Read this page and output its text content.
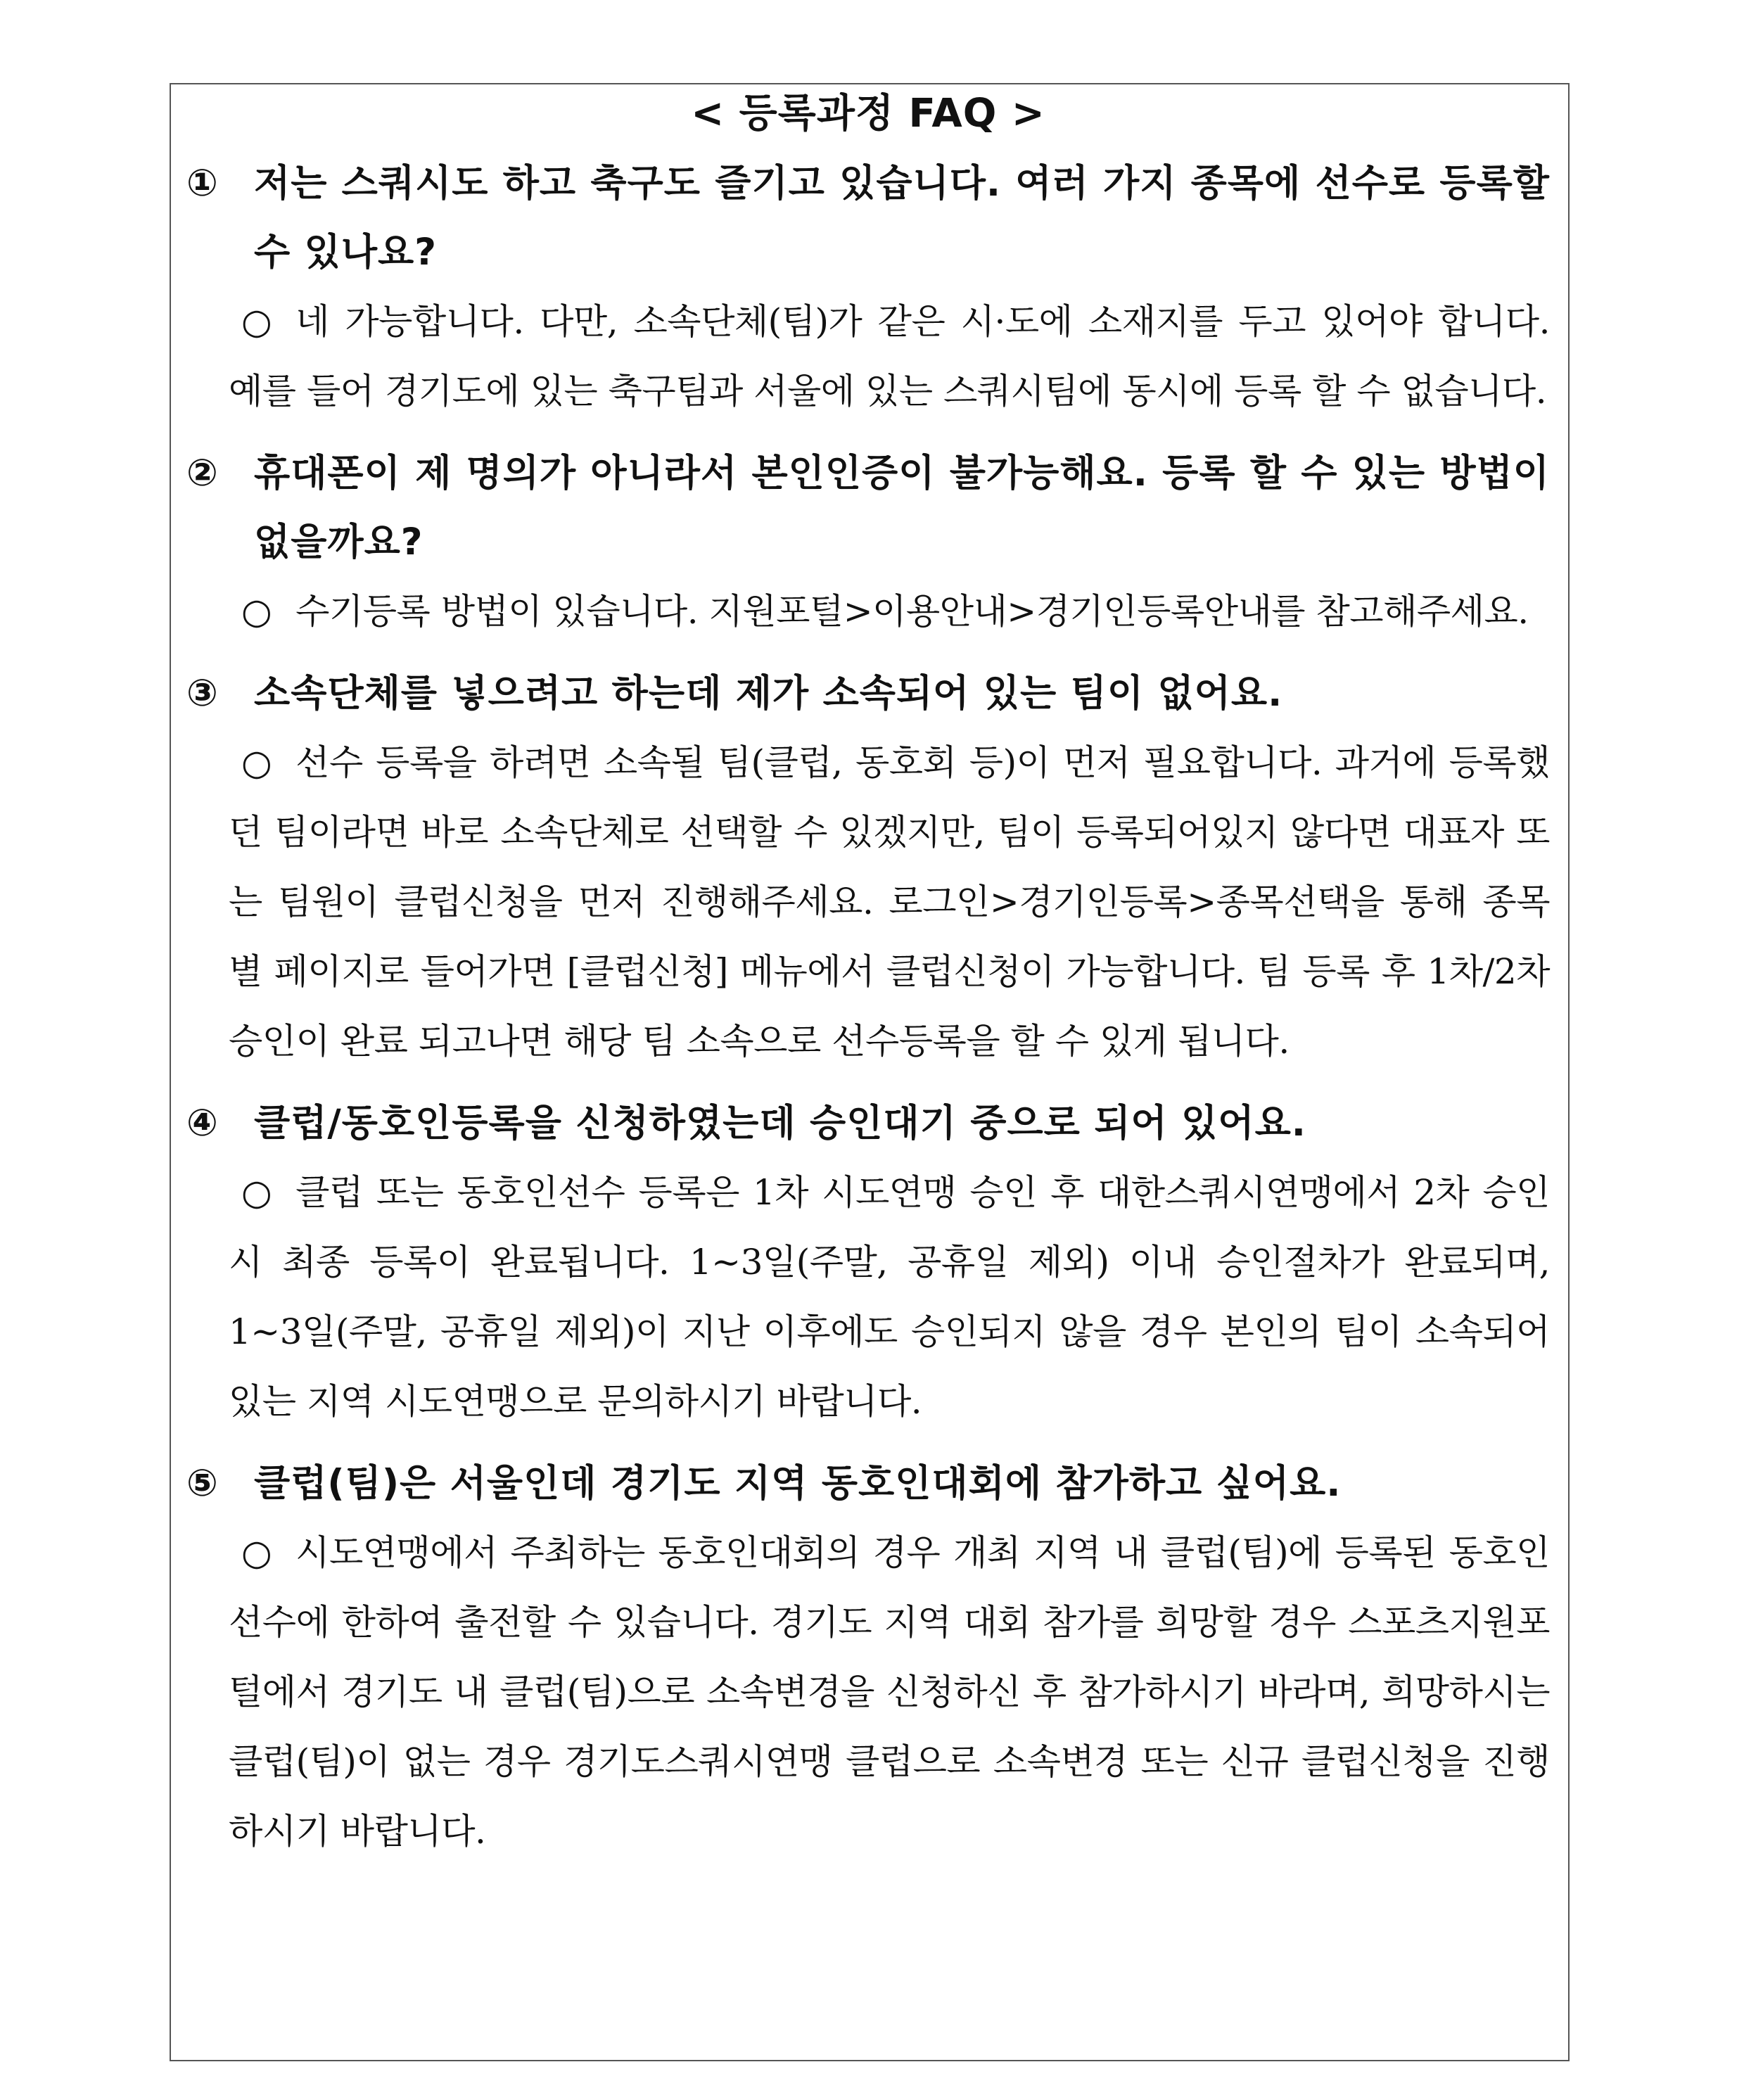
< 등록과정 FAQ >
① 저는 스쿼시도 하고 축구도 즐기고 있습니다. 여러 가지 종목에 선수로 등록할 수 있나요?
○ 네 가능합니다. 다만, 소속단체(팀)가 같은 시·도에 소재지를 두고 있어야 합니다. 예를 들어 경기도에 있는 축구팀과 서울에 있는 스쿼시팀에 동시에 등록 할 수 없습니다.
② 휴대폰이 제 명의가 아니라서 본인인증이 불가능해요. 등록 할 수 있는 방법이 없을까요?
○ 수기등록 방법이 있습니다. 지원포털>이용안내>경기인등록안내를 참고해주세요.
③ 소속단체를 넣으려고 하는데 제가 소속되어 있는 팀이 없어요.
○ 선수 등록을 하려면 소속될 팀(클럽, 동호회 등)이 먼저 필요합니다. 과거에 등록했던 팀이라면 바로 소속단체로 선택할 수 있겠지만, 팀이 등록되어있지 않다면 대표자 또는 팀원이 클럽신청을 먼저 진행해주세요. 로그인>경기인등록>종목선택을 통해 종목별 페이지로 들어가면 [클럽신청] 메뉴에서 클럽신청이 가능합니다. 팀 등록 후 1차/2차 승인이 완료 되고나면 해당 팀 소속으로 선수등록을 할 수 있게 됩니다.
④ 클럽/동호인등록을 신청하였는데 승인대기 중으로 되어 있어요.
○ 클럽 또는 동호인선수 등록은 1차 시도연맹 승인 후 대한스쿼시연맹에서 2차 승인 시 최종 등록이 완료됩니다. 1~3일(주말, 공휴일 제외) 이내 승인절차가 완료되며, 1~3일(주말, 공휴일 제외)이 지난 이후에도 승인되지 않을 경우 본인의 팀이 소속되어 있는 지역 시도연맹으로 문의하시기 바랍니다.
⑤ 클럽(팀)은 서울인데 경기도 지역 동호인대회에 참가하고 싶어요.
○ 시도연맹에서 주최하는 동호인대회의 경우 개최 지역 내 클럽(팀)에 등록된 동호인선수에 한하여 출전할 수 있습니다. 경기도 지역 대회 참가를 희망할 경우 스포츠지원포털에서 경기도 내 클럽(팀)으로 소속변경을 신청하신 후 참가하시기 바라며, 희망하시는 클럽(팀)이 없는 경우 경기도스쿼시연맹 클럽으로 소속변경 또는 신규 클럽신청을 진행하시기 바랍니다.
